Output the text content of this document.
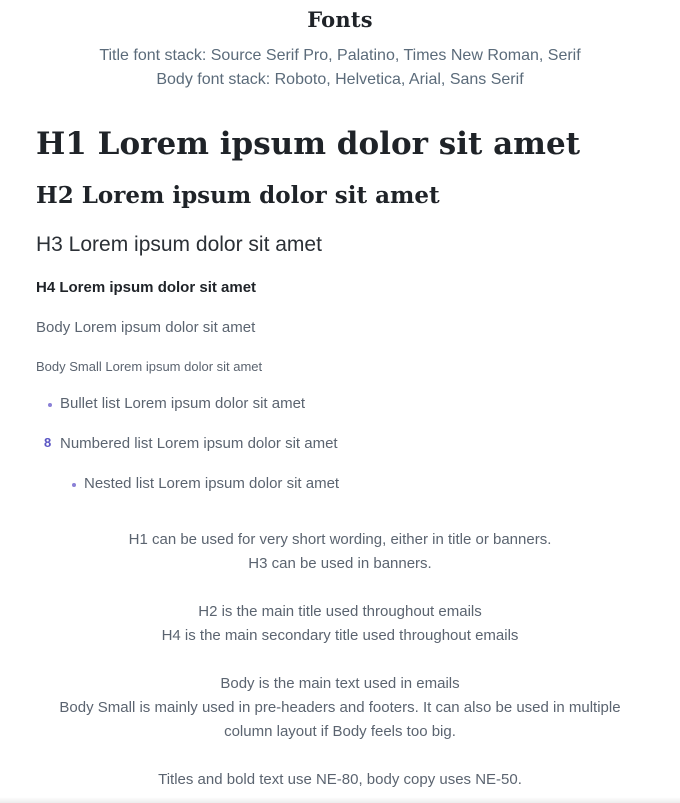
Fonts
Title font stack: Source Serif Pro, Palatino, Times New Roman, Serif
Body font stack: Roboto, Helvetica, Arial, Sans Serif
H1 Lorem ipsum dolor sit amet
H2 Lorem ipsum dolor sit amet
H3 Lorem ipsum dolor sit amet
H4 Lorem ipsum dolor sit amet
Body Lorem ipsum dolor sit amet
Body Small Lorem ipsum dolor sit amet
Bullet list Lorem ipsum dolor sit amet
8 Numbered list Lorem ipsum dolor sit amet
Nested list Lorem ipsum dolor sit amet
H1 can be used for very short wording, either in title or banners.
H3 can be used in banners.
H2 is the main title used throughout emails
H4 is the main secondary title used throughout emails
Body is the main text used in emails
Body Small is mainly used in pre-headers and footers. It can also be used in multiple
column layout if Body feels too big.
Titles and bold text use NE-80, body copy uses NE-50.
